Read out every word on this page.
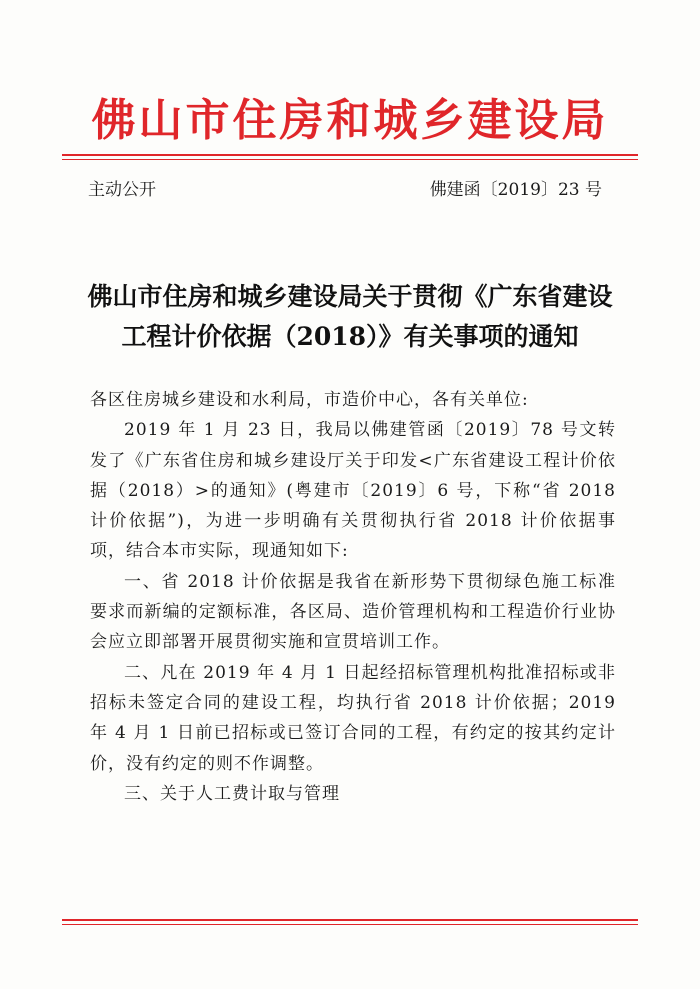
佛山市住房和城乡建设局
主动公开	佛建函〔2019〕23 号
佛山市住房和城乡建设局关于贯彻《广东省建设
工程计价依据（2018）》有关事项的通知

各区住房城乡建设和水利局，市造价中心，各有关单位:

2019 年 1 月 23 日，我局以佛建管函〔2019〕78 号文转发了《广东省住房和城乡建设厅关于印发<广东省建设工程计价依据（2018）>的通知》(粤建市〔2019〕6 号，下称“省 2018 计价依据”)，为进一步明确有关贯彻执行省 2018 计价依据事项，结合本市实际，现通知如下:

一、省 2018 计价依据是我省在新形势下贯彻绿色施工标准要求而新编的定额标准，各区局、造价管理机构和工程造价行业协会应立即部署开展贯彻实施和宣贯培训工作。

二、凡在 2019 年 4 月 1 日起经招标管理机构批准招标或非招标未签定合同的建设工程，均执行省 2018 计价依据；2019 年 4 月 1 日前已招标或已签订合同的工程，有约定的按其约定计价，没有约定的则不作调整。

三、关于人工费计取与管理
